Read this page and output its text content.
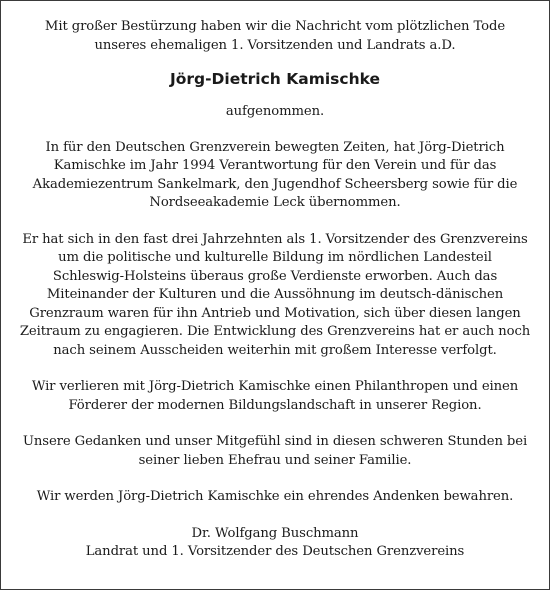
Mit großer Bestürzung haben wir die Nachricht vom plötzlichen Tode
unseres ehemaligen 1. Vorsitzenden und Landrats a.D.
Jörg-Dietrich Kamischke
aufgenommen.
In für den Deutschen Grenzverein bewegten Zeiten, hat Jörg-Dietrich
Kamischke im Jahr 1994 Verantwortung für den Verein und für das
Akademiezentrum Sankelmark, den Jugendhof Scheersberg sowie für die
Nordseeakademie Leck übernommen.
Er hat sich in den fast drei Jahrzehnten als 1. Vorsitzender des Grenzvereins
um die politische und kulturelle Bildung im nördlichen Landesteil
Schleswig-Holsteins überaus große Verdienste erworben. Auch das
Miteinander der Kulturen und die Aussöhnung im deutsch-dänischen
Grenzraum waren für ihn Antrieb und Motivation, sich über diesen langen
Zeitraum zu engagieren. Die Entwicklung des Grenzvereins hat er auch noch
nach seinem Ausscheiden weiterhin mit großem Interesse verfolgt.
Wir verlieren mit Jörg-Dietrich Kamischke einen Philanthropen und einen
Förderer der modernen Bildungslandschaft in unserer Region.
Unsere Gedanken und unser Mitgefühl sind in diesen schweren Stunden bei
seiner lieben Ehefrau und seiner Familie.
Wir werden Jörg-Dietrich Kamischke ein ehrendes Andenken bewahren.
Dr. Wolfgang Buschmann
Landrat und 1. Vorsitzender des Deutschen Grenzvereins
